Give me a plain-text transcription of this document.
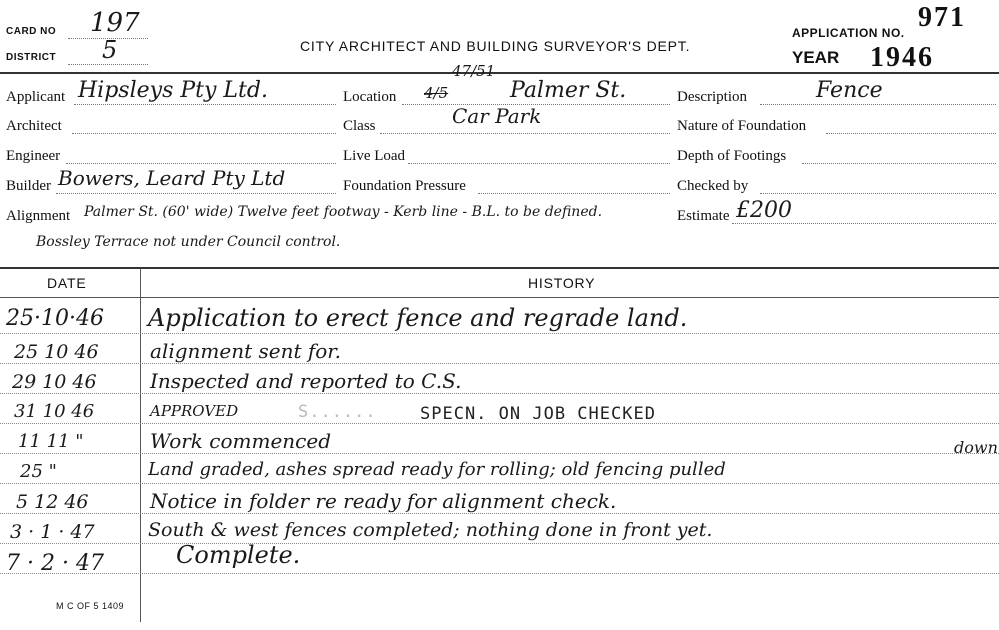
CARD NO 197
DISTRICT 5	CITY ARCHITECT AND BUILDING SURVEYOR'S DEPT.
APPLICATION NO. 971
YEAR 1946
Applicant Hipsleys Pty Ltd.	Location 4/5
47/51
Palmer St.	Description	Fence
Architect	Class	Car Park	Nature of Foundation
Engineer	Live Load	Depth of Footings
Builder Bowers, Leard Pty Ltd	Foundation Pressure	Checked by
Alignment Palmer St. (60' wide) Twelve feet footway - Kerb line - B.L. to be defined.	Estimate £200
Bossley Terrace not under Council control.
DATE	HISTORY
25·10·46 Application to erect fence and regrade land.
25 10 46	alignment sent for.
29 10 46	Inspected and reported to C.S.
31 10 46	APPROVED	S......	SPECN. ON JOB CHECKED
11 11 "	Work commenced
25 "	Land graded, ashes spread ready for rolling; old fencing pulled
down
5 12 46	Notice in folder re ready for alignment check.
3 · 1 · 47	South & west fences completed; nothing done in front yet.
7 · 2 · 47	Complete.
M C OF 5 1409
